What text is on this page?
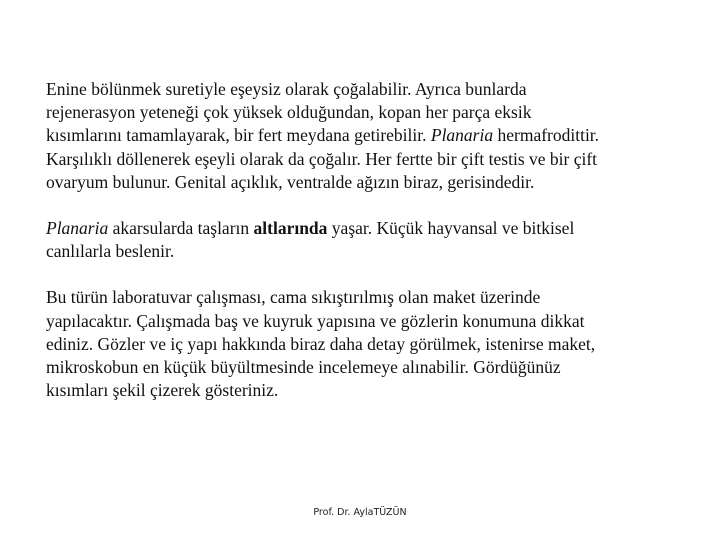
Enine bölünmek suretiyle eşeysiz olarak çoğalabilir. Ayrıca bunlarda
rejenerasyon yeteneği çok yüksek olduğundan, kopan her parça eksik
kısımlarını tamamlayarak, bir fert meydana getirebilir. Planaria hermafrodittir.
Karşılıklı döllenerek eşeyli olarak da çoğalır. Her fertte bir çift testis ve bir çift
ovaryum bulunur. Genital açıklık, ventralde ağızın biraz, gerisindedir.

Planaria akarsularda taşların altlarında yaşar. Küçük hayvansal ve bitkisel
canlılarla beslenir.

Bu türün laboratuvar çalışması, cama sıkıştırılmış olan maket üzerinde
yapılacaktır. Çalışmada baş ve kuyruk yapısına ve gözlerin konumuna dikkat
ediniz. Gözler ve iç yapı hakkında biraz daha detay görülmek, istenirse maket,
mikroskobun en küçük büyültmesinde incelemeye alınabilir. Gördüğünüz
kısımları şekil çizerek gösteriniz.

Prof. Dr. AylaTÜZÜN
